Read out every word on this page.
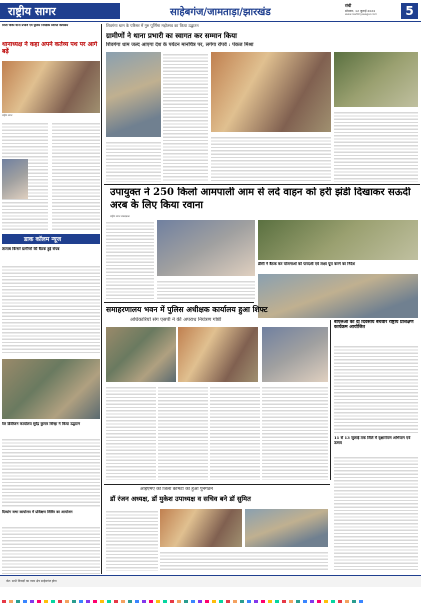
राष्ट्रीय सागर	साहेबगंज/जामताड़ा/झारखंड
रांची
सोमवार, 12 जुलाई 2024
www.rashtriyasagar.com	5
मिर्जा चौकी थाना प्रभारी एवं पुलिस निरीक्षक स्वागत कार्यक्रम
थानाध्यक्ष ने कहा अपने कर्तव्य पथ पर आगे बढ़ें
राष्ट्रीय सागर
डाक कॉलम न्यूज
तालाब किनारे ग्रामीणों की बैठक हुई संपन्न
रेल डिवीजन कार्यालय सुरेंद्र कुमार सिन्हा ने किया उद्घाटन
दिव्यांग सभा कार्यालय में प्रशिक्षण शिविर का आयोजन
शिवगंगा धाम के परिसर में गुरु पूर्णिमा महोत्सव का किया उद्घाटन
ग्रामीणों ने थाना प्रभारी का स्वागत कर सम्मान किया
शिवगंगा धाम जल्द आएगा देश के पर्यटन मानचित्र पर, लगेगा रोपवे : पंकज मिश्रा
उपायुक्त ने 250 किलो आमपाली आम से लदे वाहन को हरी झंडी दिखाकर सऊदी अरब के लिए किया रवाना
राष्ट्रीय सागर संवाददाता
डीसी ने बैठक कर योजनाओं को पारदर्शी एवं लक्ष्य पूरा करने का निर्देश
समाहरणालय भवन में पुलिस अधीक्षक कार्यालय हुआ शिफ्ट
अधिकारियों संग एसपी ने की अपराध नियंत्रण गोष्ठी	बीएलओ को दो दिवसीय बैचवार राष्ट्रीय प्रशिक्षण कार्यक्रम आयोजित
11 से 13 जुलाई तक जिले में वृक्षारोपण अभियान एवं उत्सव
आईएमए की जिला कमिटी का हुआ पुनर्गठन
डॉ रंजन अध्यक्ष, डॉ मुकेश उपाध्यक्ष व सचिव बने डॉ सुमित
नोट: सभी विवादों का न्याय क्षेत्र साहेबगंज होगा
